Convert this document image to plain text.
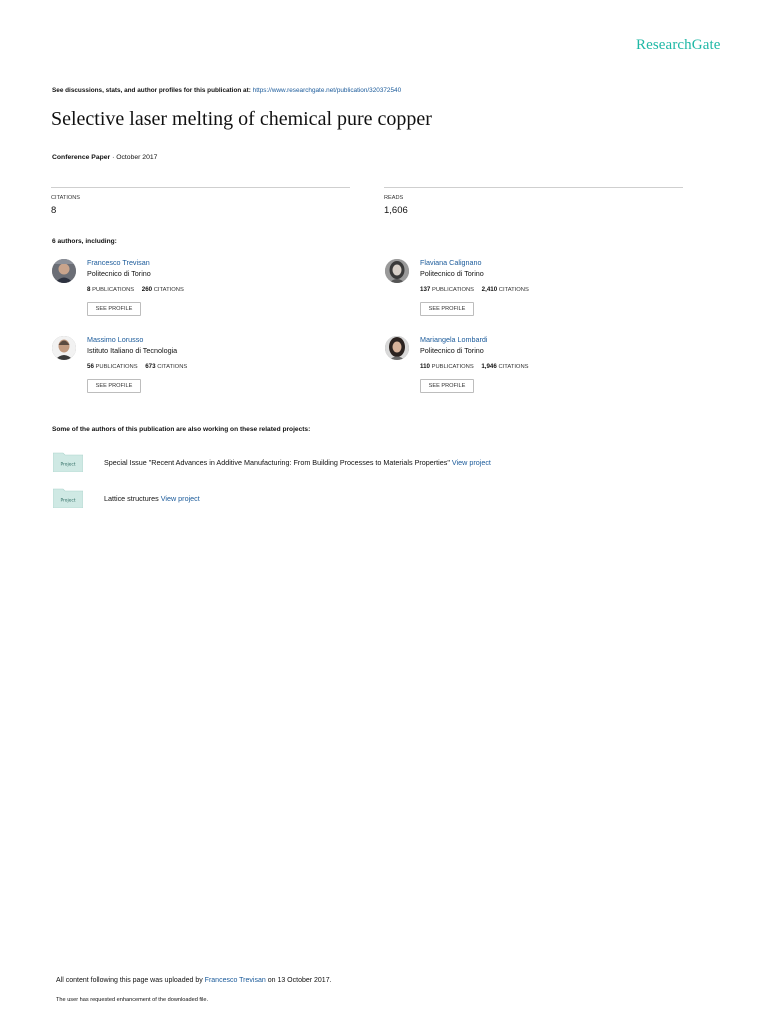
ResearchGate
See discussions, stats, and author profiles for this publication at: https://www.researchgate.net/publication/320372540
Selective laser melting of chemical pure copper
Conference Paper · October 2017
CITATIONS
8
READS
1,606
6 authors, including:
Francesco Trevisan
Politecnico di Torino
8 PUBLICATIONS 260 CITATIONS
SEE PROFILE
Flaviana Calignano
Politecnico di Torino
137 PUBLICATIONS 2,410 CITATIONS
SEE PROFILE
Massimo Lorusso
Istituto Italiano di Tecnologia
56 PUBLICATIONS 673 CITATIONS
SEE PROFILE
Mariangela Lombardi
Politecnico di Torino
110 PUBLICATIONS 1,946 CITATIONS
SEE PROFILE
Some of the authors of this publication are also working on these related projects:
Project	Special Issue "Recent Advances in Additive Manufacturing: From Building Processes to Materials Properties" View project
Project	Lattice structures View project
All content following this page was uploaded by Francesco Trevisan on 13 October 2017.
The user has requested enhancement of the downloaded file.
